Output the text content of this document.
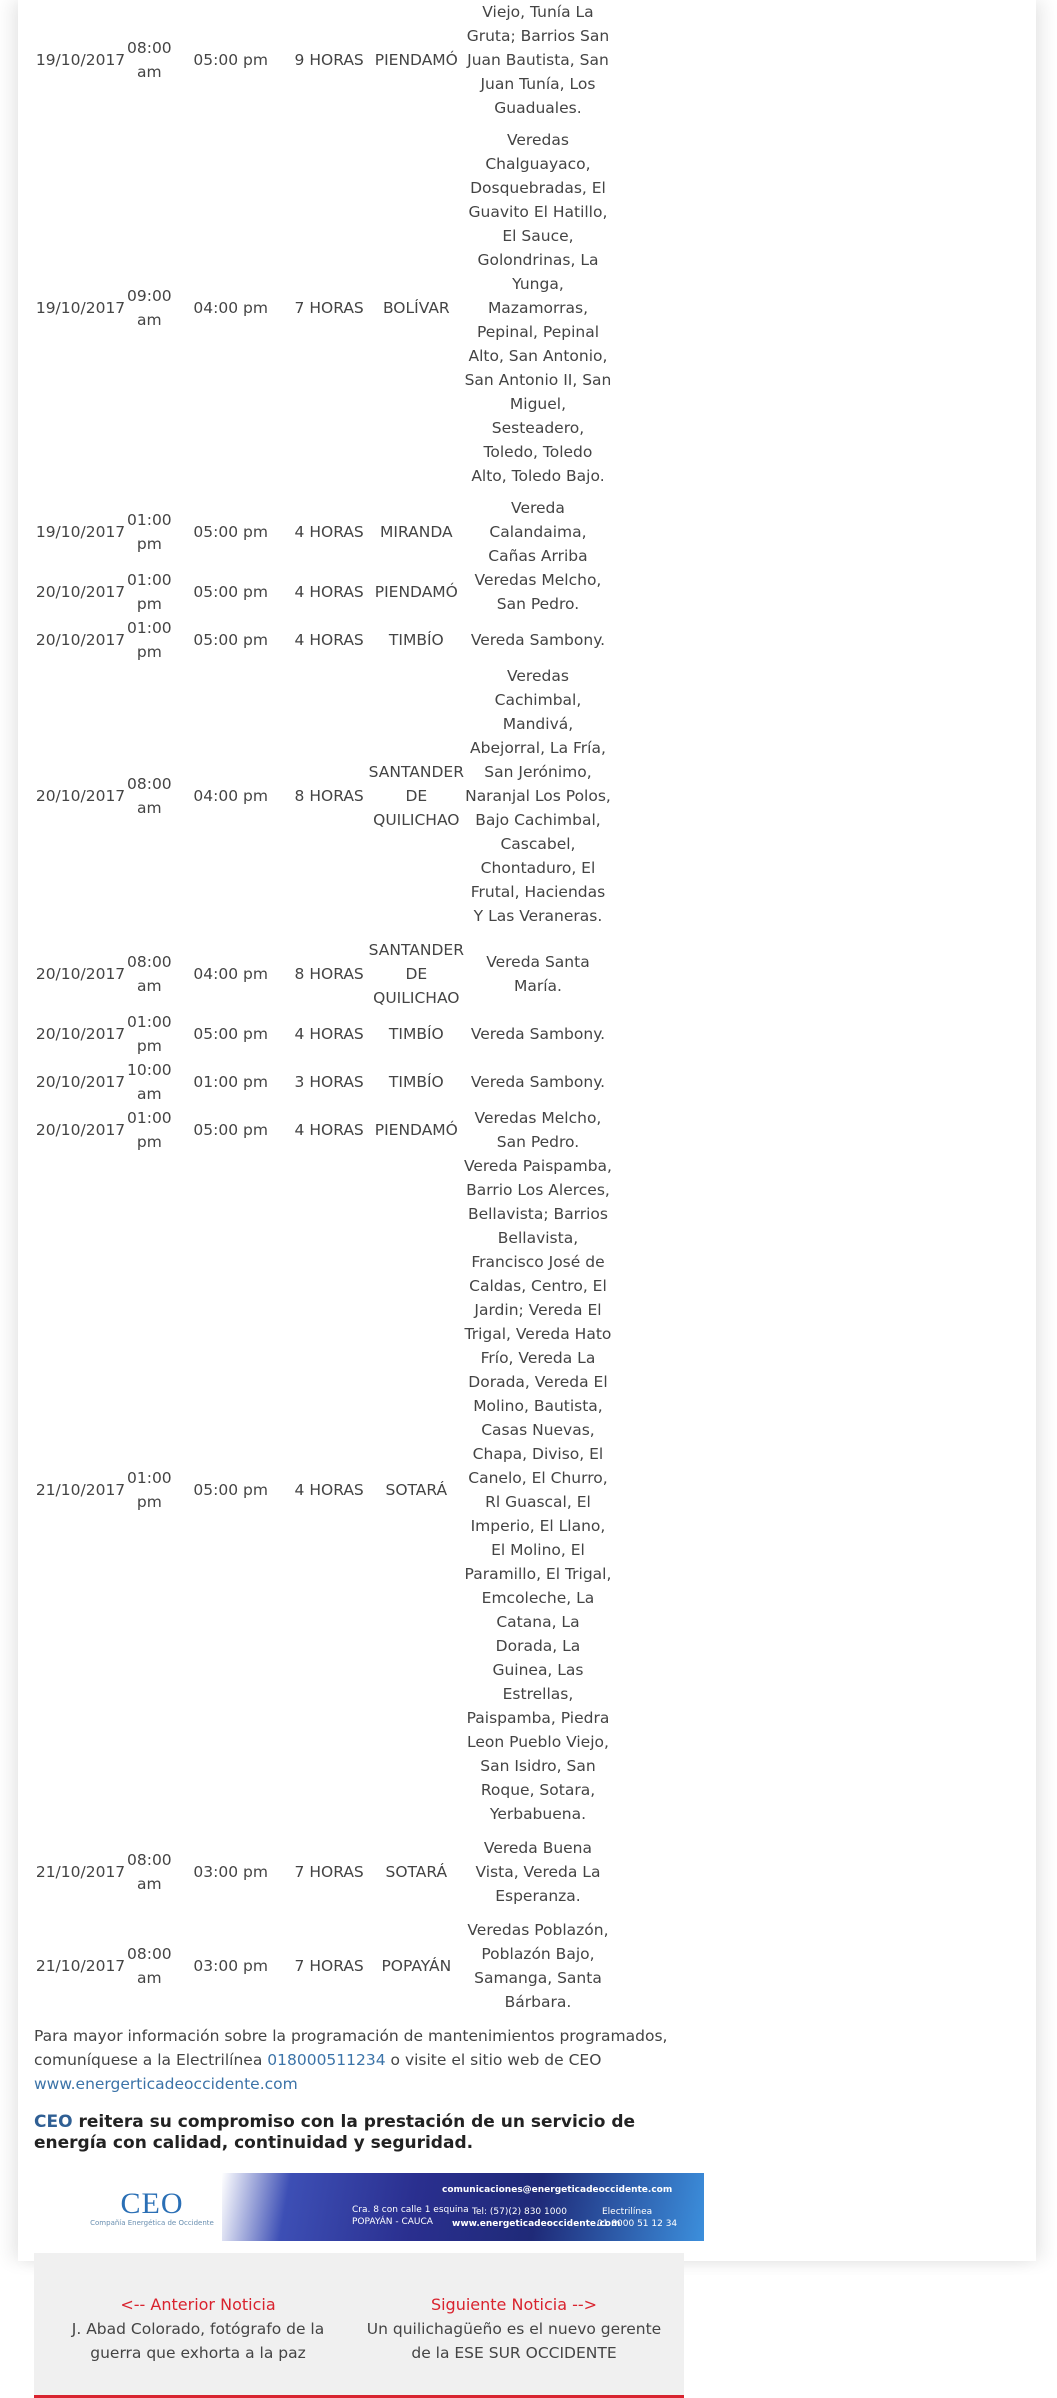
19/10/2017	08:00 am	05:00 pm	9 HORAS	PIENDAMÓ	Viejo, Tunía La Gruta; Barrios San Juan Bautista, San Juan Tunía, Los Guaduales.
19/10/2017	09:00 am	04:00 pm	7 HORAS	BOLÍVAR	Veredas Chalguayaco, Dosquebradas, El Guavito El Hatillo, El Sauce, Golondrinas, La Yunga, Mazamorras, Pepinal, Pepinal Alto, San Antonio, San Antonio II, San Miguel, Sesteadero, Toledo, Toledo Alto, Toledo Bajo.
19/10/2017	01:00 pm	05:00 pm	4 HORAS	MIRANDA	Vereda Calandaima, Cañas Arriba
20/10/2017	01:00 pm	05:00 pm	4 HORAS	PIENDAMÓ	Veredas Melcho, San Pedro.
20/10/2017	01:00 pm	05:00 pm	4 HORAS	TIMBÍO	Vereda Sambony.
20/10/2017	08:00 am	04:00 pm	8 HORAS	SANTANDER DE QUILICHAO	Veredas Cachimbal, Mandivá, Abejorral, La Fría, San Jerónimo, Naranjal Los Polos, Bajo Cachimbal, Cascabel, Chontaduro, El Frutal, Haciendas Y Las Veraneras.
20/10/2017	08:00 am	04:00 pm	8 HORAS	SANTANDER DE QUILICHAO	Vereda Santa María.
20/10/2017	01:00 pm	05:00 pm	4 HORAS	TIMBÍO	Vereda Sambony.
20/10/2017	10:00 am	01:00 pm	3 HORAS	TIMBÍO	Vereda Sambony.
20/10/2017	01:00 pm	05:00 pm	4 HORAS	PIENDAMÓ	Veredas Melcho, San Pedro.
21/10/2017	01:00 pm	05:00 pm	4 HORAS	SOTARÁ	Vereda Paispamba, Barrio Los Alerces, Bellavista; Barrios Bellavista, Francisco José de Caldas, Centro, El Jardin; Vereda El Trigal, Vereda Hato Frío, Vereda La Dorada, Vereda El Molino, Bautista, Casas Nuevas, Chapa, Diviso, El Canelo, El Churro, Rl Guascal, El Imperio, El Llano, El Molino, El Paramillo, El Trigal, Emcoleche, La Catana, La Dorada, La Guinea, Las Estrellas, Paispamba, Piedra Leon Pueblo Viejo, San Isidro, San Roque, Sotara, Yerbabuena.
21/10/2017	08:00 am	03:00 pm	7 HORAS	SOTARÁ	Vereda Buena Vista, Vereda La Esperanza.
21/10/2017	08:00 am	03:00 pm	7 HORAS	POPAYÁN	Veredas Poblazón, Poblazón Bajo, Samanga, Santa Bárbara.

Para mayor información sobre la programación de mantenimientos programados, comuníquese a la Electrilínea 018000511234 o visite el sitio web de CEO www.energerticadeoccidente.com

CEO reitera su compromiso con la prestación de un servicio de energía con calidad, continuidad y seguridad.

CEO
Compañía Energética de Occidente
comunicaciones@energeticadeoccidente.com
Cra. 8 con calle 1 esquina
POPAYÁN - CAUCA
Tel: (57)(2) 830 1000
www.energeticadeoccidente.com
Electrilínea
01 8000 51 12 34
<-- Anterior Noticia
J. Abad Colorado, fotógrafo de la guerra que exhorta a la paz
Siguiente Noticia -->
Un quilichagüeño es el nuevo gerente de la ESE SUR OCCIDENTE
